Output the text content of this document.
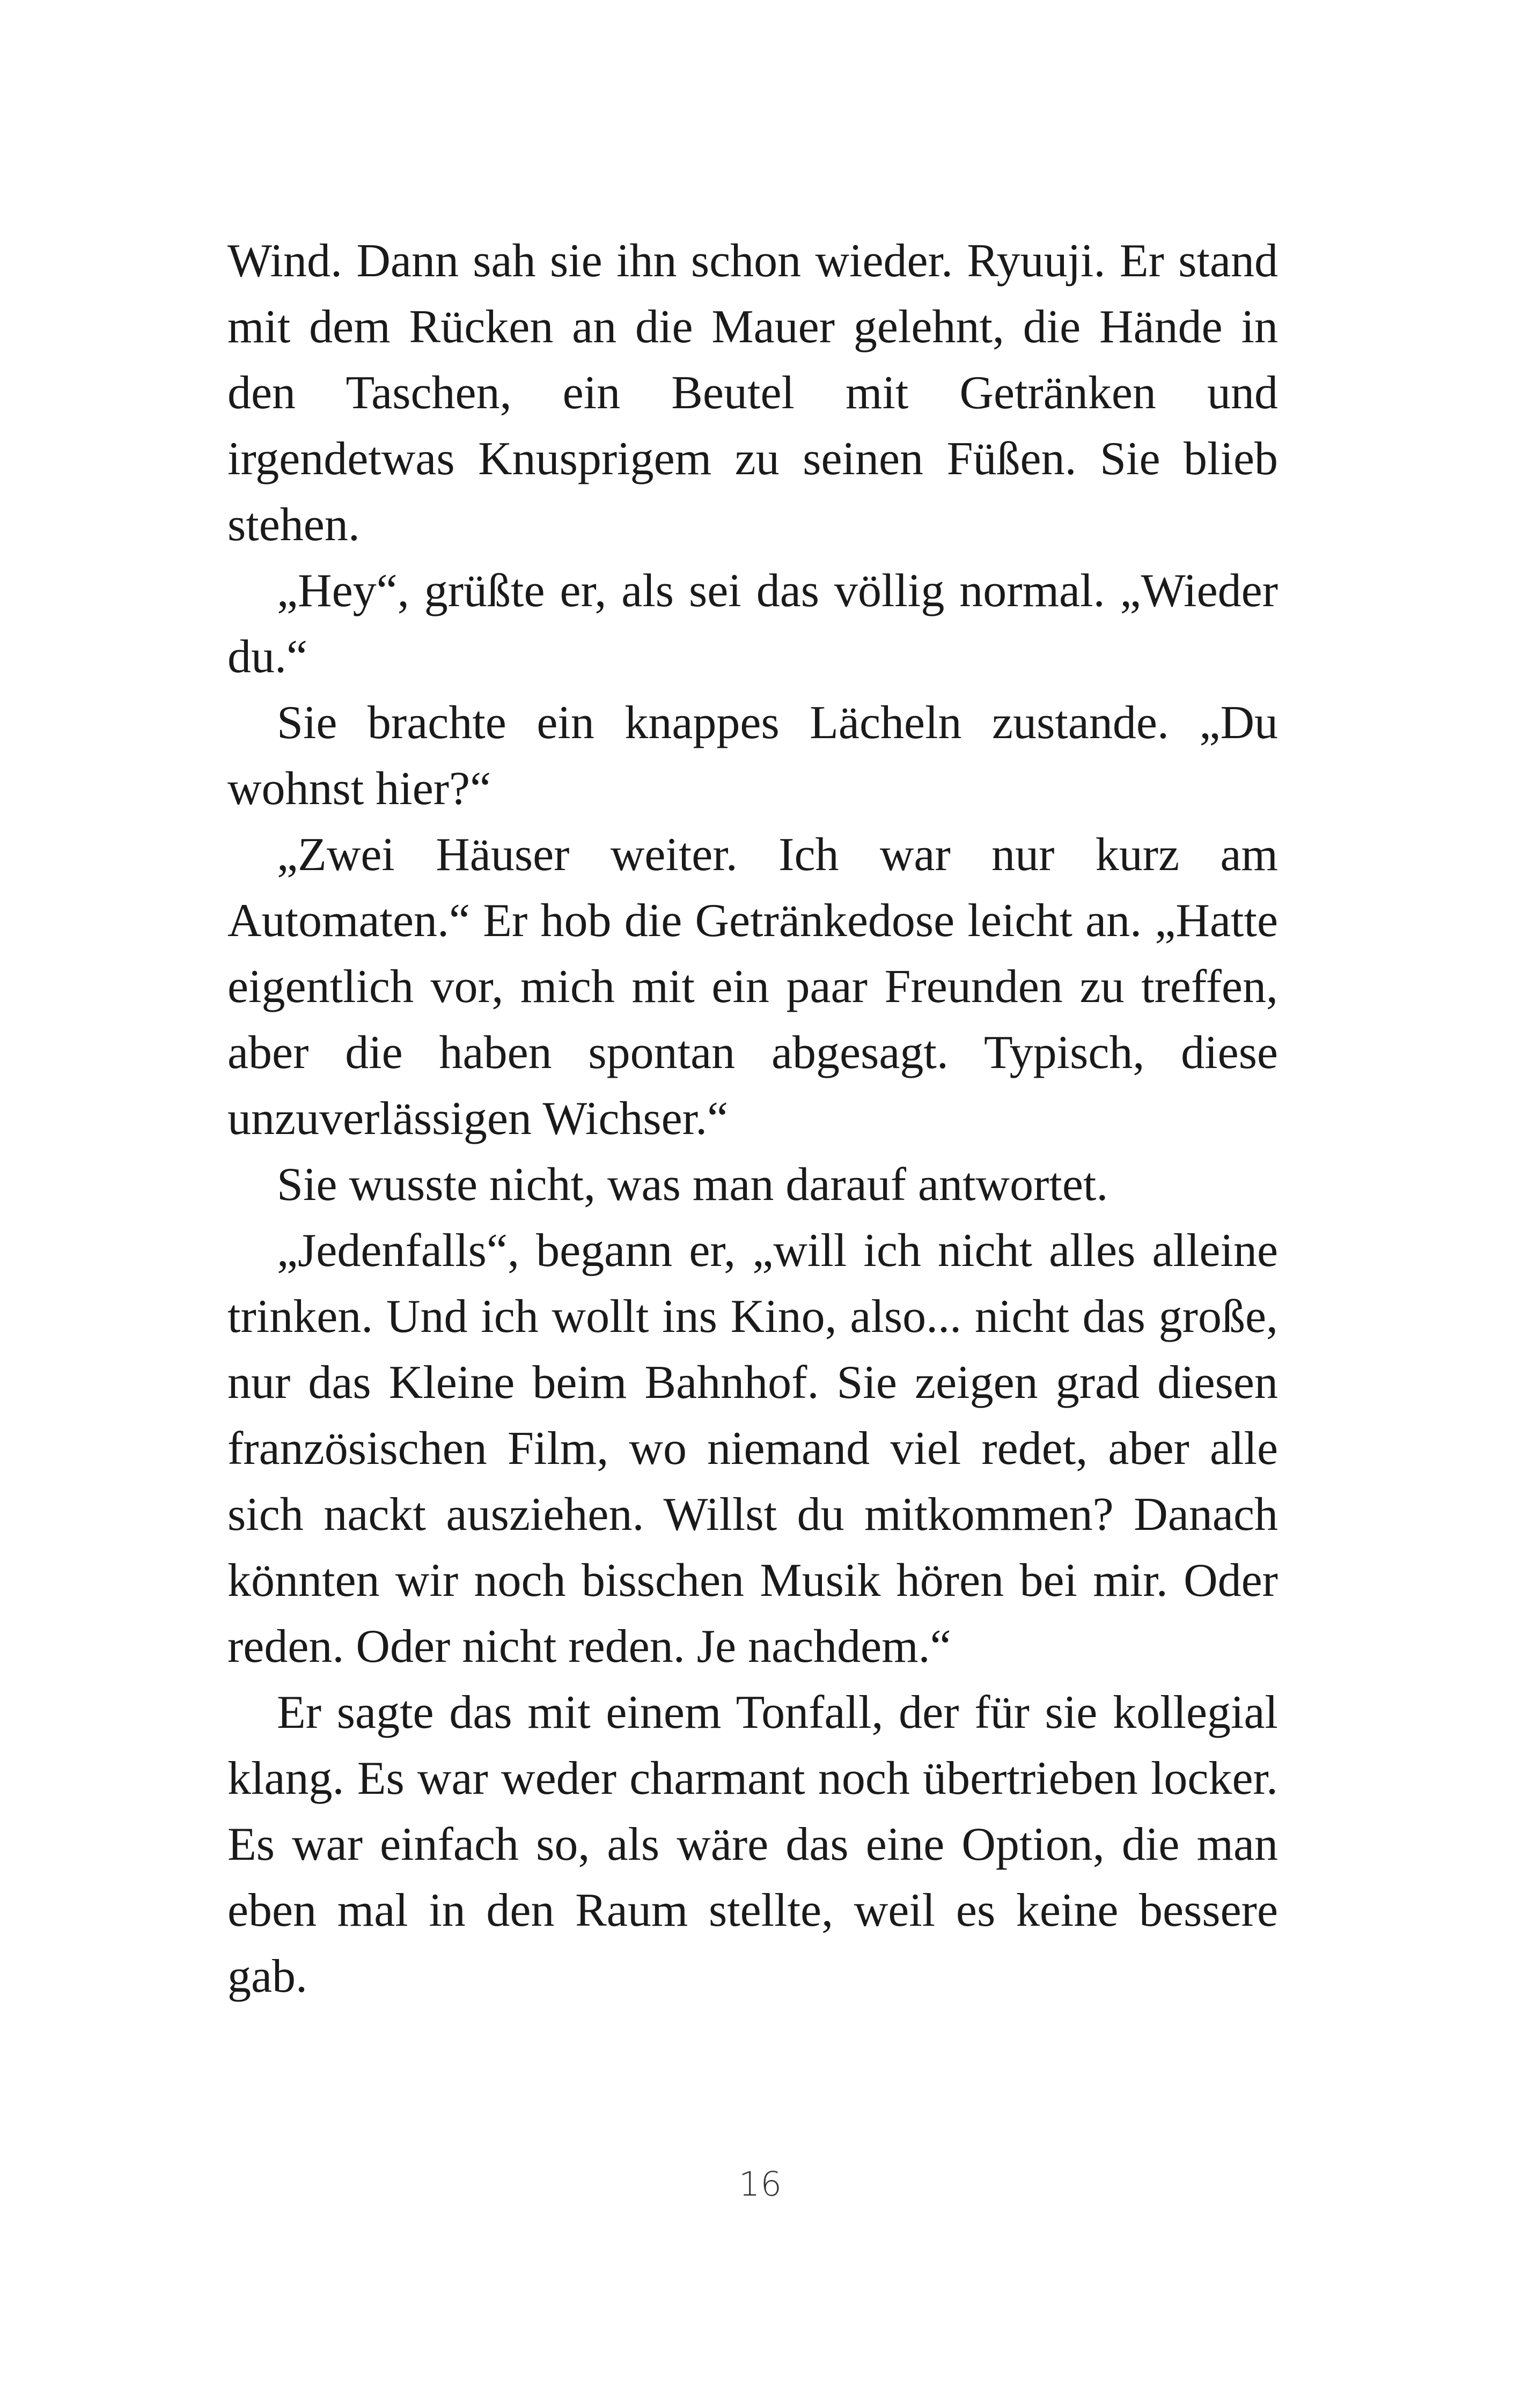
Wind. Dann sah sie ihn schon wieder. Ryuuji. Er stand mit dem Rücken an die Mauer gelehnt, die Hände in den Taschen, ein Beutel mit Getränken und irgendetwas Knusprigem zu seinen Füßen. Sie blieb stehen.

„Hey“, grüßte er, als sei das völlig normal. „Wieder du.“

Sie brachte ein knappes Lächeln zustande. „Du wohnst hier?“

„Zwei Häuser weiter. Ich war nur kurz am Automaten.“ Er hob die Getränkedose leicht an. „Hatte eigentlich vor, mich mit ein paar Freunden zu treffen, aber die haben spontan abgesagt. Typisch, diese unzuverlässigen Wichser.“

Sie wusste nicht, was man darauf antwortet.

„Jedenfalls“, begann er, „will ich nicht alles alleine trinken. Und ich wollt ins Kino, also... nicht das große, nur das Kleine beim Bahnhof. Sie zeigen grad diesen französischen Film, wo niemand viel redet, aber alle sich nackt ausziehen. Willst du mitkommen? Danach könnten wir noch bisschen Musik hören bei mir. Oder reden. Oder nicht reden. Je nachdem.“

Er sagte das mit einem Tonfall, der für sie kollegial klang. Es war weder charmant noch übertrieben locker. Es war einfach so, als wäre das eine Option, die man eben mal in den Raum stellte, weil es keine bessere gab.

16
